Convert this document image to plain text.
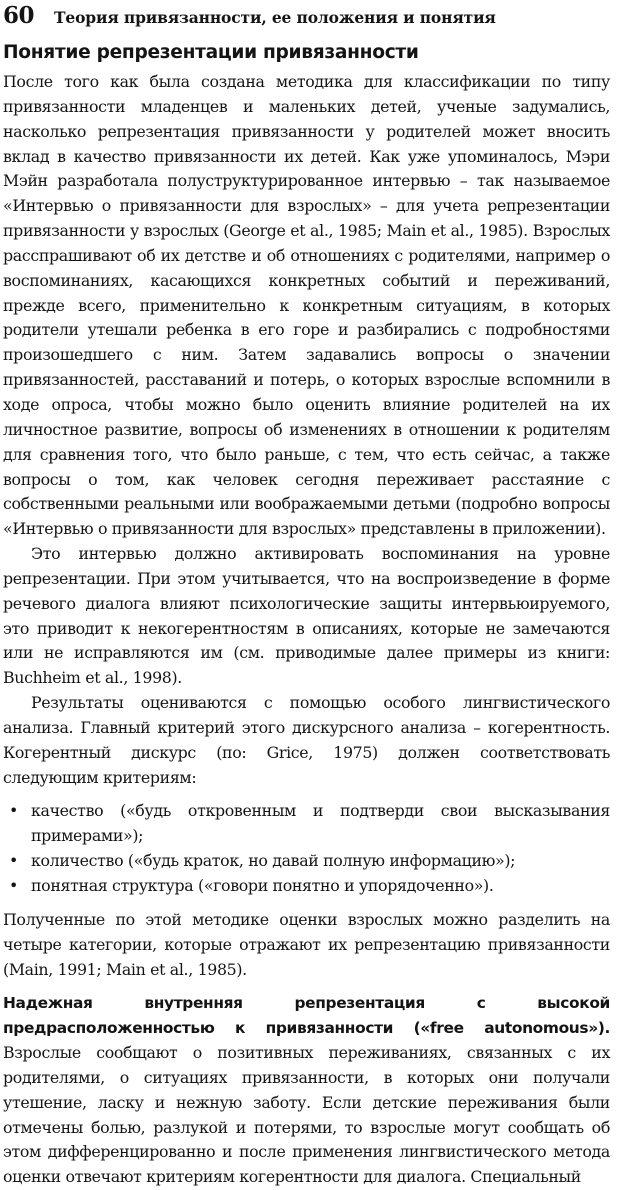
60 Теория привязанности, ее положения и понятия
Понятие репрезентации привязанности

После того как была создана методика для классификации по типу привязанности младенцев и маленьких детей, ученые задумались, насколько репрезентация привязанности у родителей может вносить вклад в качество привязанности их детей. Как уже упоминалось, Мэри Мэйн разработала полуструктурированное интервью – так называемое «Интервью о привязанности для взрослых» – для учета репрезентации привязанности у взрослых (George et al., 1985; Main et al., 1985). Взрослых расспрашивают об их детстве и об отношениях с родителями, например о воспоминаниях, касающихся конкретных событий и переживаний, прежде всего, применительно к конкретным ситуациям, в которых родители утешали ребенка в его горе и разбирались с подробностями произошедшего с ним. Затем задавались вопросы о значении привязанностей, расставаний и потерь, о которых взрослые вспомнили в ходе опроса, чтобы можно было оценить влияние родителей на их личностное развитие, вопросы об изменениях в отношении к родителям для сравнения того, что было раньше, с тем, что есть сейчас, а также вопросы о том, как человек сегодня переживает расстаяние с собственными реальными или воображаемыми детьми (подробно вопросы «Интервью о привязанности для взрослых» представлены в приложении).

Это интервью должно активировать воспоминания на уровне репрезентации. При этом учитывается, что на воспроизведение в форме речевого диалога влияют психологические защиты интервьюируемого, это приводит к некогерентностям в описаниях, которые не замечаются или не исправляются им (см. приводимые далее примеры из книги: Buchheim et al., 1998).

Результаты оцениваются с помощью особого лингвистического анализа. Главный критерий этого дискурсного анализа – когерентность. Когерентный дискурс (по: Grice, 1975) должен соответствовать следующим критериям:

• качество («будь откровенным и подтверди свои высказывания примерами»);
• количество («будь краток, но давай полную информацию»);
• понятная структура («говори понятно и упорядоченно»).

Полученные по этой методике оценки взрослых можно разделить на четыре категории, которые отражают их репрезентацию привязанности (Main, 1991; Main et al., 1985).

Надежная внутренняя репрезентация с высокой предрасположенностью к привязанности («free autonomous»). Взрослые сообщают о позитивных переживаниях, связанных с их родителями, о ситуациях привязанности, в которых они получали утешение, ласку и нежную заботу. Если детские переживания были отмечены болью, разлукой и потерями, то взрослые могут сообщать об этом дифференцированно и после применения лингвистического метода оценки отвечают критериям когерентности для диалога. Специальный
